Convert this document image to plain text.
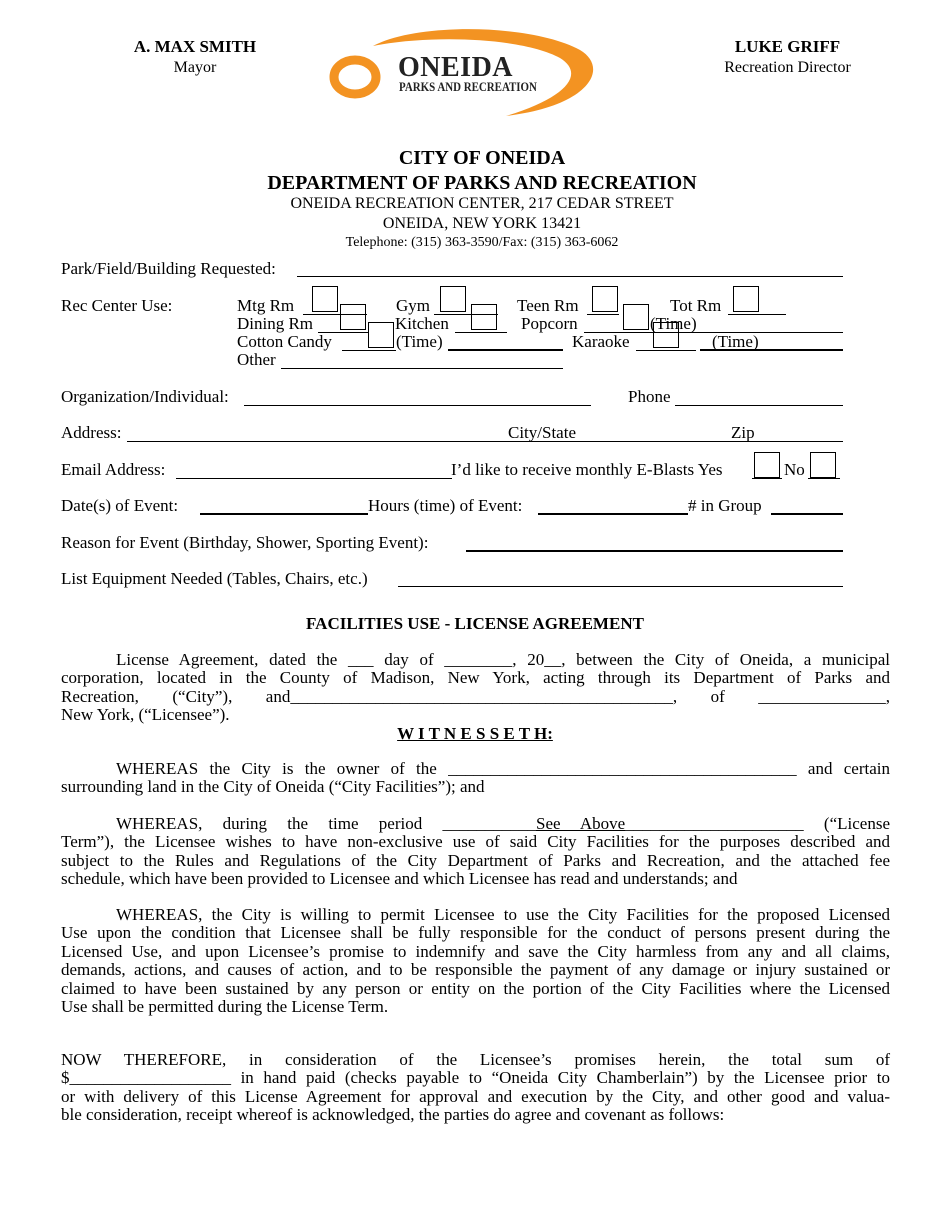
A. MAX SMITH
Mayor
LUKE GRIFF
Recreation Director
ONEIDA
PARKS AND RECREATION
CITY OF ONEIDA
DEPARTMENT OF PARKS AND RECREATION
ONEIDA RECREATION CENTER, 217 CEDAR STREET
ONEIDA, NEW YORK 13421
Telephone: (315) 363-3590/Fax: (315) 363-6062
Park/Field/Building Requested:
Rec Center Use:	Mtg Rm	Gym	Teen Rm	Tot Rm
Dining Rm	Kitchen	Popcorn	(Time)
Cotton Candy	(Time)	Karaoke	(Time)
Other
Organization/Individual:	Phone
Address:	City/State	Zip
Email Address:	I’d like to receive monthly E-Blasts Yes	No
Date(s) of Event:	Hours (time) of Event:	# in Group
Reason for Event (Birthday, Shower, Sporting Event):
List Equipment Needed (Tables, Chairs, etc.)
FACILITIES USE - LICENSE AGREEMENT
License Agreement, dated the ___ day of ________, 20__, between the City of Oneida, a municipal
corporation, located in the County of Madison, New York, acting through its Department of Parks and
Recreation, (“City”), and_____________________________________________, of _______________,
New York, (“Licensee”).
W I T N E S S E T H:
WHEREAS the City is the owner of the _________________________________________ and certain
surrounding land in the City of Oneida (“City Facilities”); and
WHEREAS, during the time period ___________See Above_____________________ (“License
Term”), the Licensee wishes to have non-exclusive use of said City Facilities for the purposes described and
subject to the Rules and Regulations of the City Department of Parks and Recreation, and the attached fee
schedule, which have been provided to Licensee and which Licensee has read and understands; and
WHEREAS, the City is willing to permit Licensee to use the City Facilities for the proposed Licensed
Use upon the condition that Licensee shall be fully responsible for the conduct of persons present during the
Licensed Use, and upon Licensee’s promise to indemnify and save the City harmless from any and all claims,
demands, actions, and causes of action, and to be responsible the payment of any damage or injury sustained or
claimed to have been sustained by any person or entity on the portion of the City Facilities where the Licensed
Use shall be permitted during the License Term.
NOW THEREFORE, in consideration of the Licensee’s promises herein, the total sum of
$___________________ in hand paid (checks payable to “Oneida City Chamberlain”) by the Licensee prior to
or with delivery of this License Agreement for approval and execution by the City, and other good and valua-
ble consideration, receipt whereof is acknowledged, the parties do agree and covenant as follows:
